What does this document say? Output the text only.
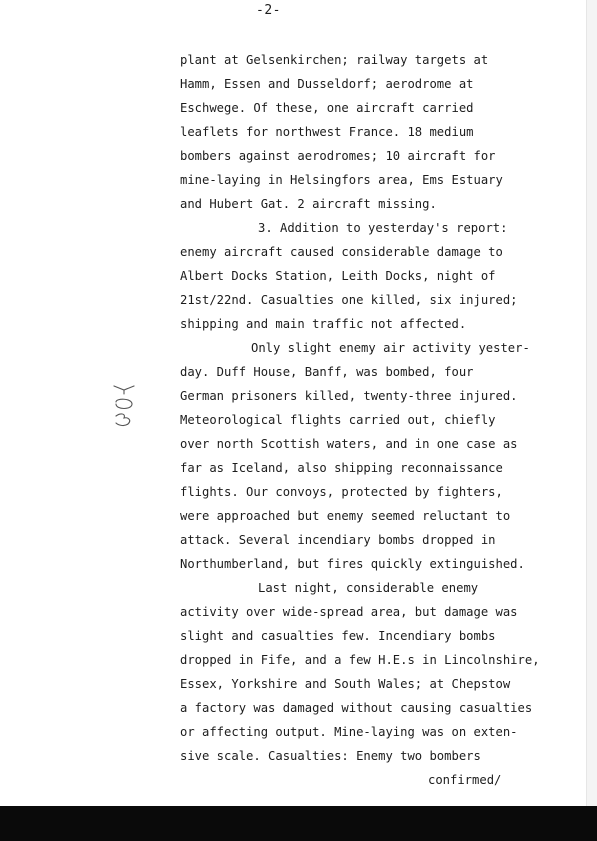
-2-
plant at Gelsenkirchen; railway targets at
Hamm, Essen and Dusseldorf; aerodrome at
Eschwege. Of these, one aircraft carried
leaflets for northwest France. 18 medium
bombers against aerodromes; 10 aircraft for
mine-laying in Helsingfors area, Ems Estuary
and Hubert Gat. 2 aircraft missing.
3. Addition to yesterday's report:
enemy aircraft caused considerable damage to
Albert Docks Station, Leith Docks, night of
21st/22nd. Casualties one killed, six injured;
shipping and main traffic not affected.
Only slight enemy air activity yester-
day. Duff House, Banff, was bombed, four
German prisoners killed, twenty-three injured.
Meteorological flights carried out, chiefly
over north Scottish waters, and in one case as
far as Iceland, also shipping reconnaissance
flights. Our convoys, protected by fighters,
were approached but enemy seemed reluctant to
attack. Several incendiary bombs dropped in
Northumberland, but fires quickly extinguished.
Last night, considerable enemy
activity over wide-spread area, but damage was
slight and casualties few. Incendiary bombs
dropped in Fife, and a few H.E.s in Lincolnshire,
Essex, Yorkshire and South Wales; at Chepstow
a factory was damaged without causing casualties
or affecting output. Mine-laying was on exten-
sive scale. Casualties: Enemy two bombers
confirmed/
